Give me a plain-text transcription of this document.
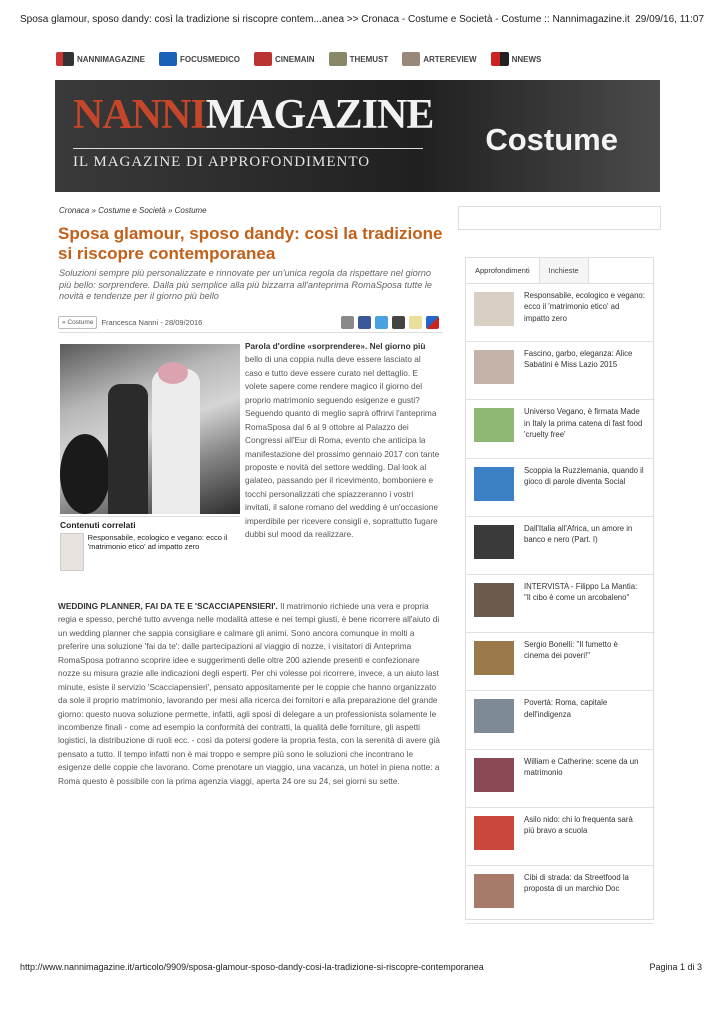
Sposa glamour, sposo dandy: così la tradizione si riscopre contem...anea >> Cronaca - Costume e Società - Costume :: Nannimagazine.it 29/09/16, 11:07
NANNIMAGAZINE	FOCUSMEDICO	CINEMAIN	THEMUST	ARTEREVIEW	NNEWS
NANNIMAGAZINE
IL MAGAZINE DI APPROFONDIMENTO
Costume
Cronaca » Costume e Società » Costume
Sposa glamour, sposo dandy: così la tradizione si riscopre contemporanea

Soluzioni sempre più personalizzate e rinnovate per un'unica regola da rispettare nel giorno più bello: sorprendere. Dalla più semplice alla più bizzarra all'anteprima RomaSposa tutte le novità e tendenze per il giorno più bello

» Costume	Francesca Nanni - 28/09/2016
Contenuti correlati
Responsabile, ecologico e vegano: ecco il 'matrimonio etico' ad impatto zero
Parola d'ordine «sorprendere». Nel giorno più
bello di una coppia nulla deve essere lasciato al caso e tutto deve essere curato nel dettaglio. E volete sapere come rendere magico il giorno del proprio matrimonio seguendo esigenze e gusti? Seguendo quanto di meglio saprà offrirvi l'anteprima RomaSposa dal 6 al 9 ottobre al Palazzo dei Congressi all'Eur di Roma, evento che anticipa la manifestazione del prossimo gennaio 2017 con tante proposte e novità del settore wedding. Dal look al galateo, passando per il ricevimento, bomboniere e tocchi personalizzati che spiazzeranno i vostri invitati, il salone romano del wedding è un'occasione imperdibile per ricevere consigli e, soprattutto fugare dubbi sul mood da realizzare.
WEDDING PLANNER, FAI DA TE E 'SCACCIAPENSIERI'. Il matrimonio richiede una vera e propria regia e spesso, perché tutto avvenga nelle modalità attese e nei tempi giusti, è bene ricorrere all'aiuto di un wedding planner che sappia consigliare e calmare gli animi. Sono ancora comunque in molti a preferire una soluzione 'fai da te': dalle partecipazioni al viaggio di nozze, i visitatori di Anteprima RomaSposa potranno scoprire idee e suggerimenti delle oltre 200 aziende presenti e confezionare nozze su misura grazie alle indicazioni degli esperti. Per chi volesse poi ricorrere, invece, a un aiuto last minute, esiste il servizio 'Scacciapensieri', pensato appositamente per le coppie che hanno organizzato da sole il proprio matrimonio, lavorando per mesi alla ricerca dei fornitori e alla preparazione del grande giorno: questo nuova soluzione permette, infatti, agli sposi di delegare a un professionista solamente le incombenze finali - come ad esempio la conformità dei contratti, la qualità delle forniture, gli aspetti logistici, la distribuzione di ruoli ecc. - così da potersi godere la propria festa, con la serenità di avere già pensato a tutto. Il tempo infatti non è mai troppo e sempre più sono le soluzioni che incontrano le esigenze delle coppie che lavorano. Come prenotare un viaggio, una vacanza, un hotel in piena notte: a Roma questo è possibile con la prima agenzia viaggi, aperta 24 ore su 24, sei giorni su sette.
Approfondimenti	Inchieste
Responsabile, ecologico e vegano: ecco il 'matrimonio etico' ad impatto zero
Fascino, garbo, eleganza: Alice Sabatini è Miss Lazio 2015
Universo Vegano, è firmata Made in Italy la prima catena di fast food 'cruelty free'
Scoppia la Ruzzlemania, quando il gioco di parole diventa Social
Dall'Italia all'Africa, un amore in banco e nero (Part. I)
INTERVISTA - Filippo La Mantia: "Il cibo è come un arcobaleno"
Sergio Bonelli: "Il fumetto è cinema dei poveri!"
Povertà: Roma, capitale dell'indigenza
William e Catherine: scene da un matrimonio
Asilo nido: chi lo frequenta sarà più bravo a scuola
Cibi di strada: da Streetfood la proposta di un marchio Doc
http://www.nannimagazine.it/articolo/9909/sposa-glamour-sposo-dandy-cosi-la-tradizione-si-riscopre-contemporanea	Pagina 1 di 3
